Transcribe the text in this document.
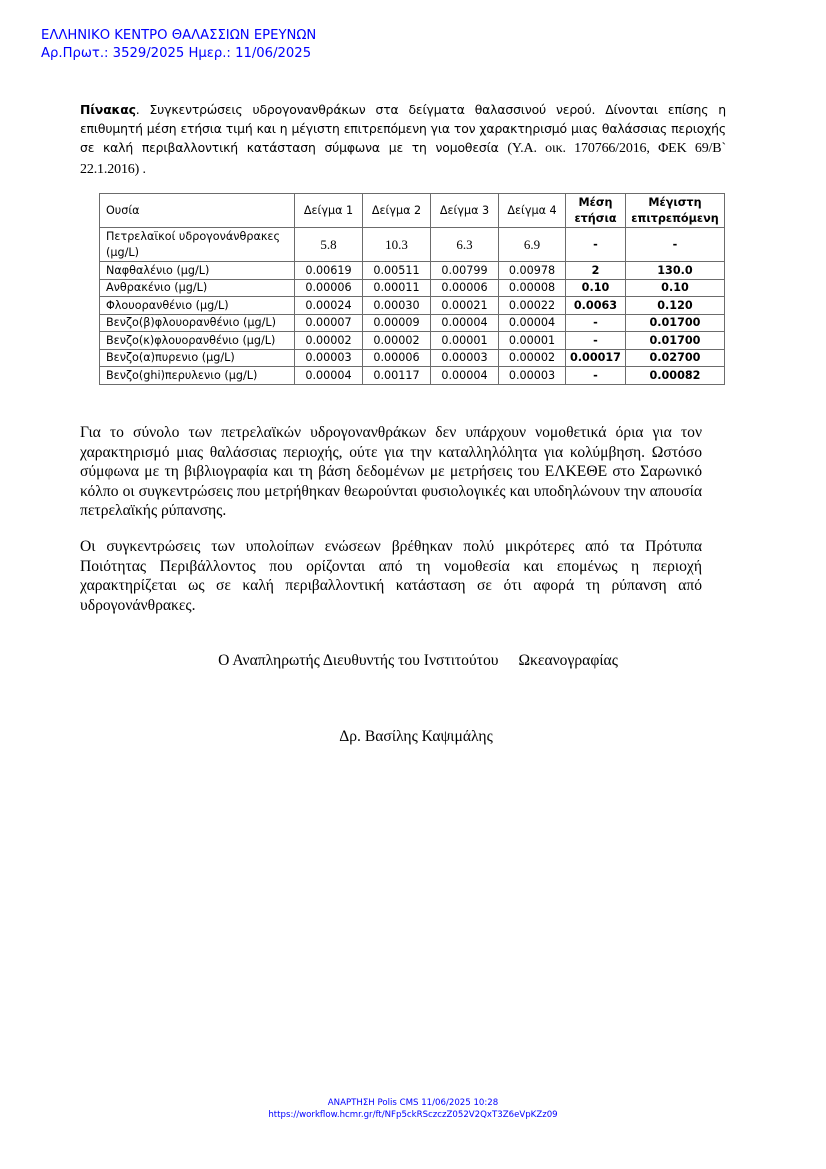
ΕΛΛΗΝΙΚΟ ΚΕΝΤΡΟ ΘΑΛΑΣΣΙΩΝ ΕΡΕΥΝΩΝ
Αρ.Πρωτ.: 3529/2025 Ημερ.: 11/06/2025
Πίνακας. Συγκεντρώσεις υδρογονανθράκων στα δείγματα θαλασσινού νερού. Δίνονται επίσης η επιθυμητή μέση ετήσια τιμή και η μέγιστη επιτρεπόμενη για τον χαρακτηρισμό μιας θαλάσσιας περιοχής σε καλή περιβαλλοντική κατάσταση σύμφωνα με τη νομοθεσία (Υ.Α. οικ. 170766/2016, ΦΕΚ 69/Β` 22.1.2016) .
Ουσία	Δείγμα 1	Δείγμα 2	Δείγμα 3	Δείγμα 4	Μέση ετήσια	Μέγιστη επιτρεπόμενη
Πετρελαϊκοί υδρογονάνθρακες (μg/L)	5.8	10.3	6.3	6.9	-	-
Ναφθαλένιο (μg/L)	0.00619	0.00511	0.00799	0.00978	2	130.0
Ανθρακένιο (μg/L)	0.00006	0.00011	0.00006	0.00008	0.10	0.10
Φλουορανθένιο (μg/L)	0.00024	0.00030	0.00021	0.00022	0.0063	0.120
Βενζο(β)φλουορανθένιο (μg/L)	0.00007	0.00009	0.00004	0.00004	-	0.01700
Βενζο(κ)φλουορανθένιο (μg/L)	0.00002	0.00002	0.00001	0.00001	-	0.01700
Βενζο(α)πυρενιο (μg/L)	0.00003	0.00006	0.00003	0.00002	0.00017	0.02700
Βενζο(ghi)περυλενιο (μg/L)	0.00004	0.00117	0.00004	0.00003	-	0.00082
Για το σύνολο των πετρελαϊκών υδρογονανθράκων δεν υπάρχουν νομοθετικά όρια για τον χαρακτηρισμό μιας θαλάσσιας περιοχής, ούτε για την καταλληλόλητα για κολύμβηση. Ωστόσο σύμφωνα με τη βιβλιογραφία και τη βάση δεδομένων με μετρήσεις του ΕΛΚΕΘΕ στο Σαρωνικό κόλπο οι συγκεντρώσεις που μετρήθηκαν θεωρούνται φυσιολογικές και υποδηλώνουν την απουσία πετρελαϊκής ρύπανσης.
Οι συγκεντρώσεις των υπολοίπων ενώσεων βρέθηκαν πολύ μικρότερες από τα Πρότυπα Ποιότητας Περιβάλλοντος που ορίζονται από τη νομοθεσία και επομένως η περιοχή χαρακτηρίζεται ως σε καλή περιβαλλοντική κατάσταση σε ότι αφορά τη ρύπανση από υδρογονάνθρακες.
Ο Αναπληρωτής Διευθυντής του Ινστιτούτου Ωκεανογραφίας
Δρ. Βασίλης Καψιμάλης
ΑΝΑΡΤΗΣΗ Polis CMS 11/06/2025 10:28
https://workflow.hcmr.gr/ft/NFp5ckRSczczZ052V2QxT3Z6eVpKZz09
